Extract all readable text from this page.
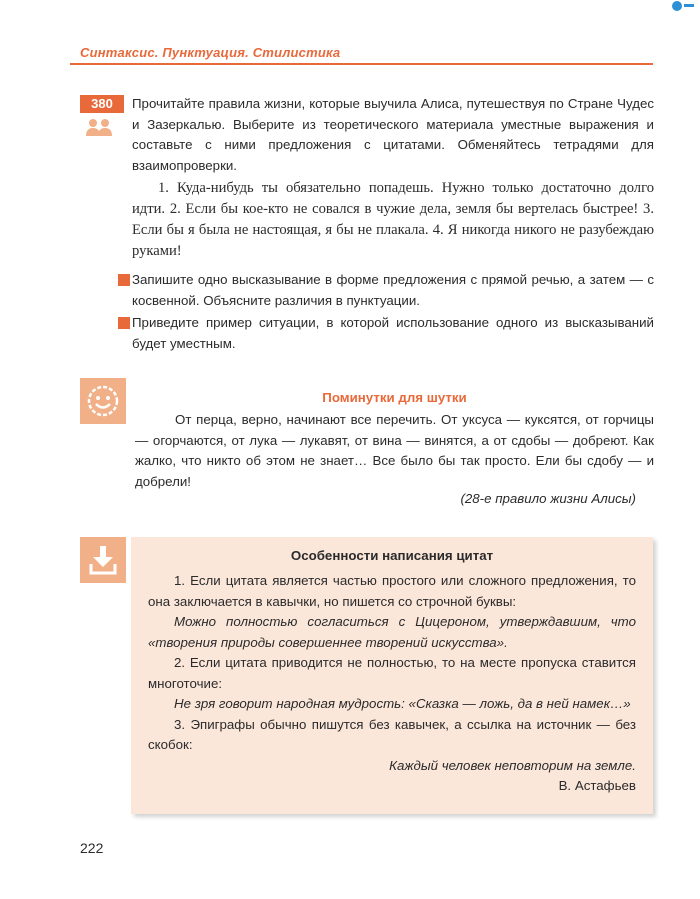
Синтаксис. Пунктуация. Стилистика
380	Прочитайте правила жизни, которые выучила Алиса, путешествуя по Стране Чудес и Зазеркалью. Выберите из теоретического материала уместные выражения и составьте с ними предложения с цитатами. Обменяйтесь тетрадями для взаимопроверки.
1. Куда-нибудь ты обязательно попадешь. Нужно только достаточно долго идти. 2. Если бы кое-кто не совался в чужие дела, земля бы вертелась быстрее! 3. Если бы я была не настоящая, я бы не плакала. 4. Я никогда никого не разубеждаю руками!
Запишите одно высказывание в форме предложения с прямой речью, а затем — с косвенной. Объясните различия в пунктуации.
Приведите пример ситуации, в которой использование одного из высказываний будет уместным.
Поминутки для шутки
От перца, верно, начинают все перечить. От уксуса — куксятся, от горчицы — огорчаются, от лука — лукавят, от вина — винятся, а от сдобы — добреют. Как жалко, что никто об этом не знает… Все было бы так просто. Ели бы сдобу — и добрели!
(28-е правило жизни Алисы)
Особенности написания цитат
1. Если цитата является частью простого или сложного предложения, то она заключается в кавычки, но пишется со строчной буквы:
Можно полностью согласиться с Цицероном, утверждавшим, что «творения природы совершеннее творений искусства».
2. Если цитата приводится не полностью, то на месте пропуска ставится многоточие:
Не зря говорит народная мудрость: «Сказка — ложь, да в ней намек…»
3. Эпиграфы обычно пишутся без кавычек, а ссылка на источник — без скобок:
Каждый человек неповторим на земле.
В. Астафьев
222
